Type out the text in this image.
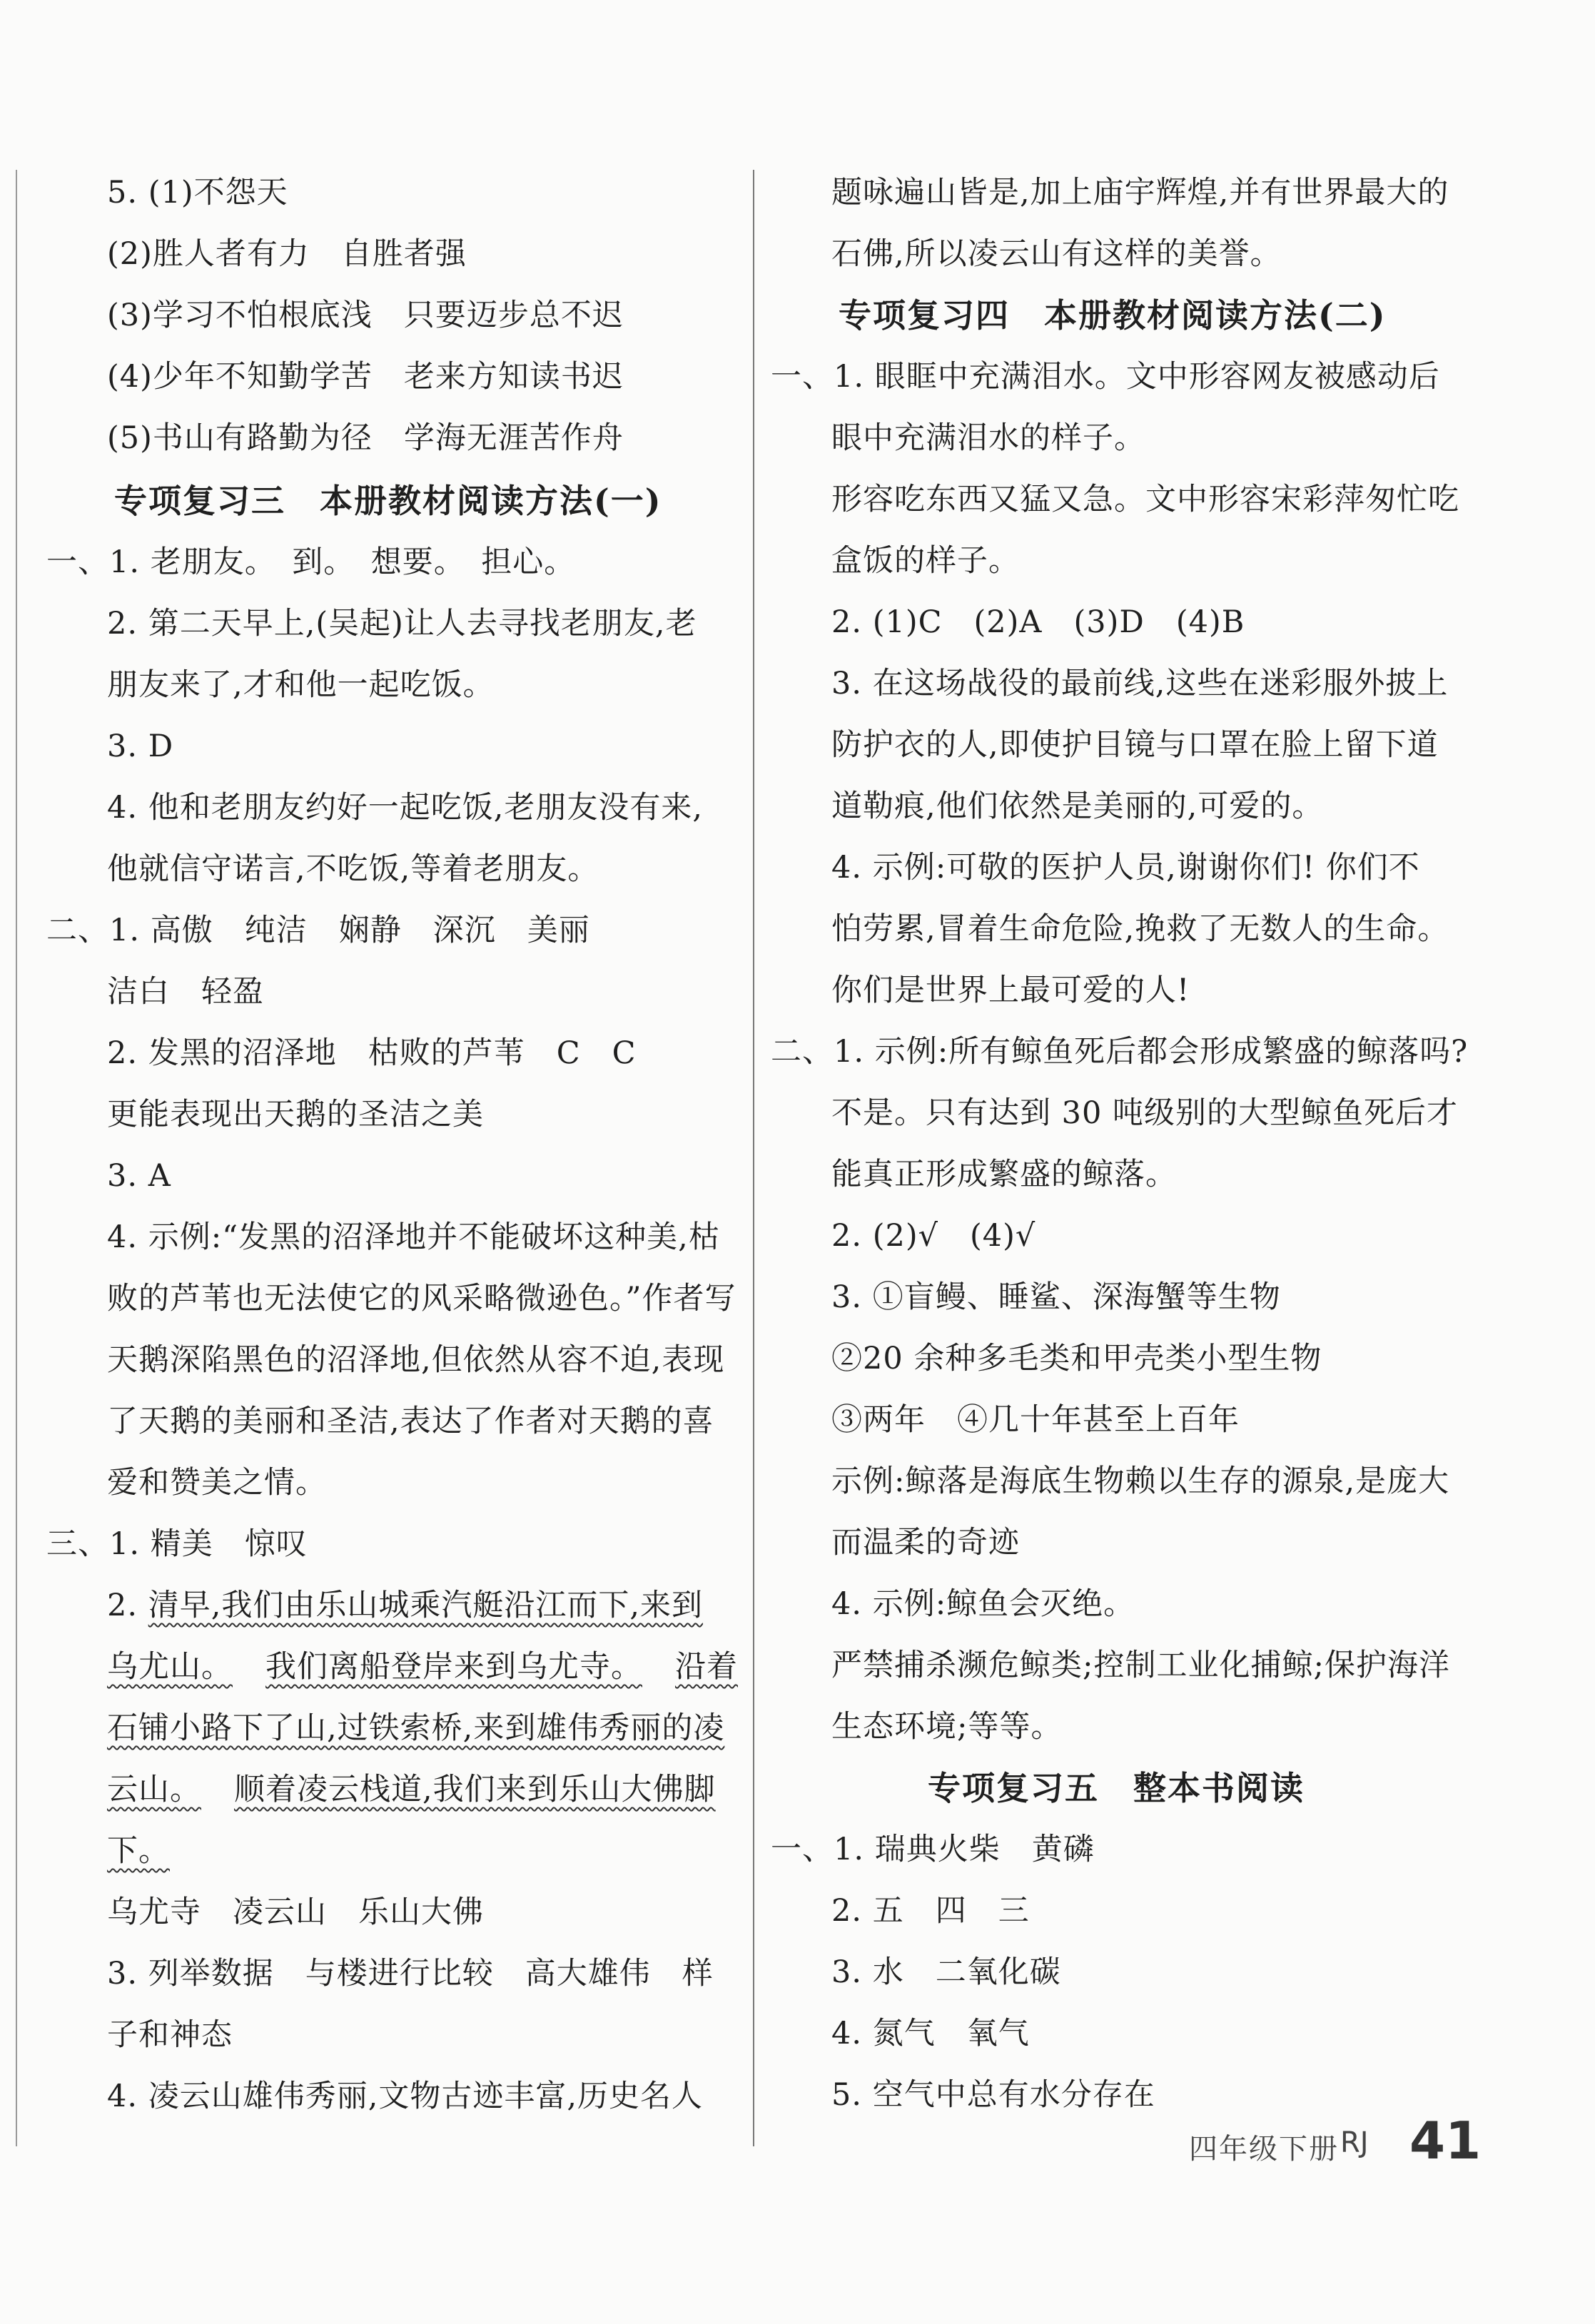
5. (1)不怨天
(2)胜人者有力　自胜者强
(3)学习不怕根底浅　只要迈步总不迟
(4)少年不知勤学苦　老来方知读书迟
(5)书山有路勤为径　学海无涯苦作舟
专项复习三　本册教材阅读方法(一)
一、1. 老朋友。　到。　想要。　担心。
2. 第二天早上,(吴起)让人去寻找老朋友,老
朋友来了,才和他一起吃饭。
3. D
4. 他和老朋友约好一起吃饭,老朋友没有来,
他就信守诺言,不吃饭,等着老朋友。
二、1. 高傲　纯洁　娴静　深沉　美丽
洁白　轻盈
2. 发黑的沼泽地　枯败的芦苇　C　C
更能表现出天鹅的圣洁之美
3. A
4. 示例:“发黑的沼泽地并不能破坏这种美,枯
败的芦苇也无法使它的风采略微逊色。”作者写
天鹅深陷黑色的沼泽地,但依然从容不迫,表现
了天鹅的美丽和圣洁,表达了作者对天鹅的喜
爱和赞美之情。
三、1. 精美　惊叹
2. 清早,我们由乐山城乘汽艇沿江而下,来到
乌尤山。 我们离船登岸来到乌尤寺。 沿着
石铺小路下了山,过铁索桥,来到雄伟秀丽的凌
云山。 顺着凌云栈道,我们来到乐山大佛脚
下。
乌尤寺　凌云山　乐山大佛
3. 列举数据　与楼进行比较　高大雄伟　样
子和神态
4. 凌云山雄伟秀丽,文物古迹丰富,历史名人
题咏遍山皆是,加上庙宇辉煌,并有世界最大的
石佛,所以凌云山有这样的美誉。
专项复习四　本册教材阅读方法(二)
一、1. 眼眶中充满泪水。文中形容网友被感动后
眼中充满泪水的样子。
形容吃东西又猛又急。文中形容宋彩萍匆忙吃
盒饭的样子。
2. (1)C　(2)A　(3)D　(4)B
3. 在这场战役的最前线,这些在迷彩服外披上
防护衣的人,即使护目镜与口罩在脸上留下道
道勒痕,他们依然是美丽的,可爱的。
4. 示例:可敬的医护人员,谢谢你们! 你们不
怕劳累,冒着生命危险,挽救了无数人的生命。
你们是世界上最可爱的人!
二、1. 示例:所有鲸鱼死后都会形成繁盛的鲸落吗?
不是。只有达到 30 吨级别的大型鲸鱼死后才
能真正形成繁盛的鲸落。
2. (2)√　(4)√
3. ①盲鳗、睡鲨、深海蟹等生物
②20 余种多毛类和甲壳类小型生物
③两年　④几十年甚至上百年
示例:鲸落是海底生物赖以生存的源泉,是庞大
而温柔的奇迹
4. 示例:鲸鱼会灭绝。
严禁捕杀濒危鲸类;控制工业化捕鲸;保护海洋
生态环境;等等。
专项复习五　整本书阅读
一、1. 瑞典火柴　黄磷
2. 五　四　三
3. 水　二氧化碳
4. 氮气　氧气
5. 空气中总有水分存在
四年级下册 RJ 41
